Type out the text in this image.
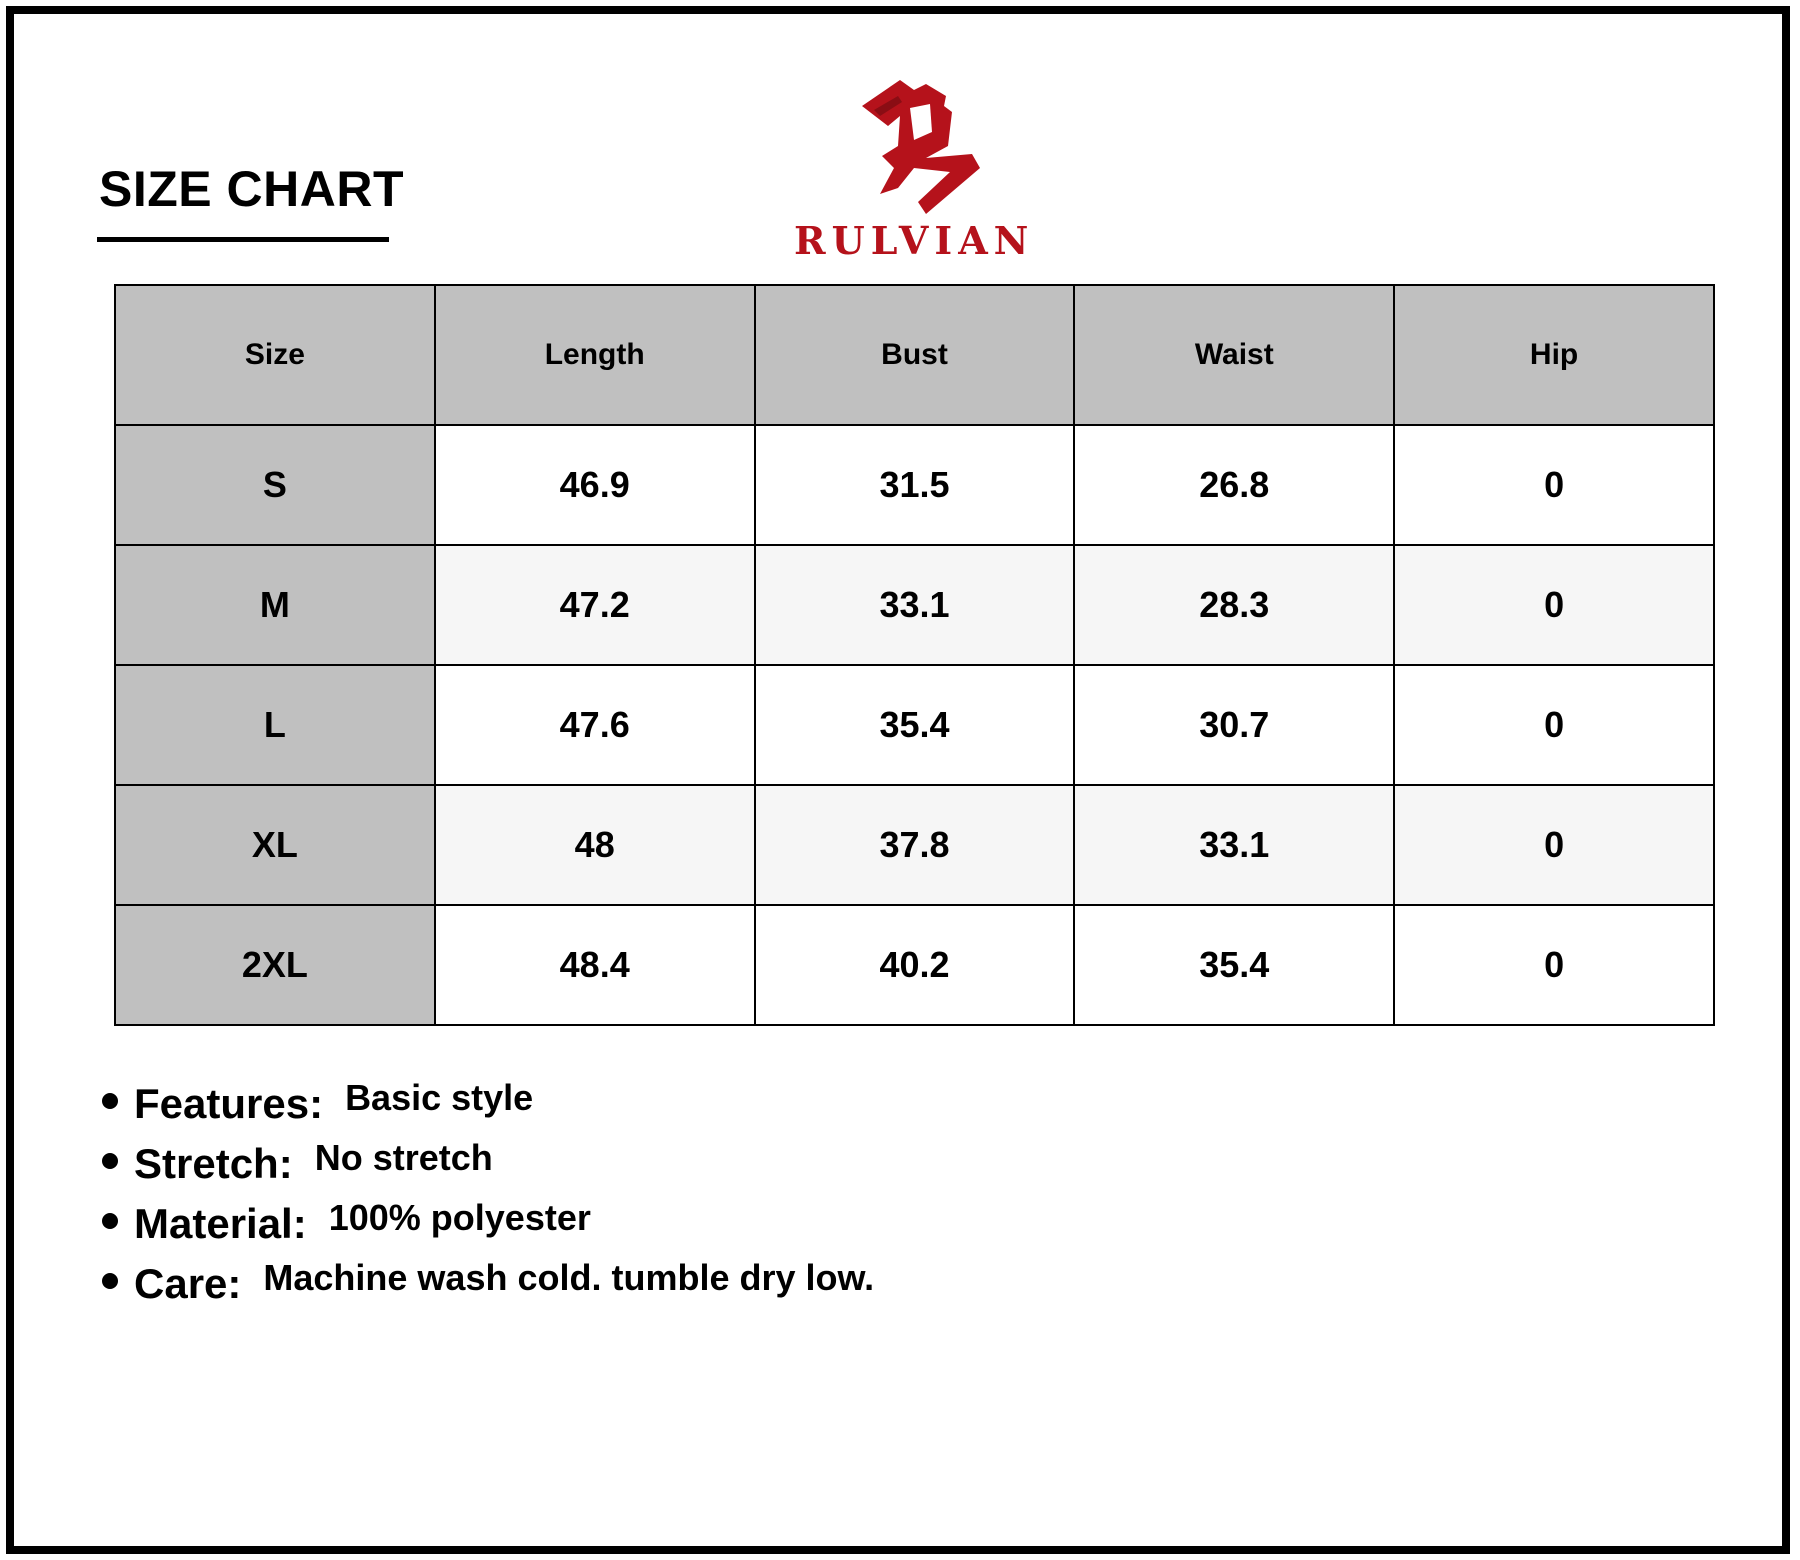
SIZE CHART
RULVIAN
Size	Length	Bust	Waist	Hip
S	46.9	31.5	26.8	0
M	47.2	33.1	28.3	0
L	47.6	35.4	30.7	0
XL	48	37.8	33.1	0
2XL	48.4	40.2	35.4	0
Features: Basic style
Stretch: No stretch
Material: 100% polyester
Care: Machine wash cold. tumble dry low.
